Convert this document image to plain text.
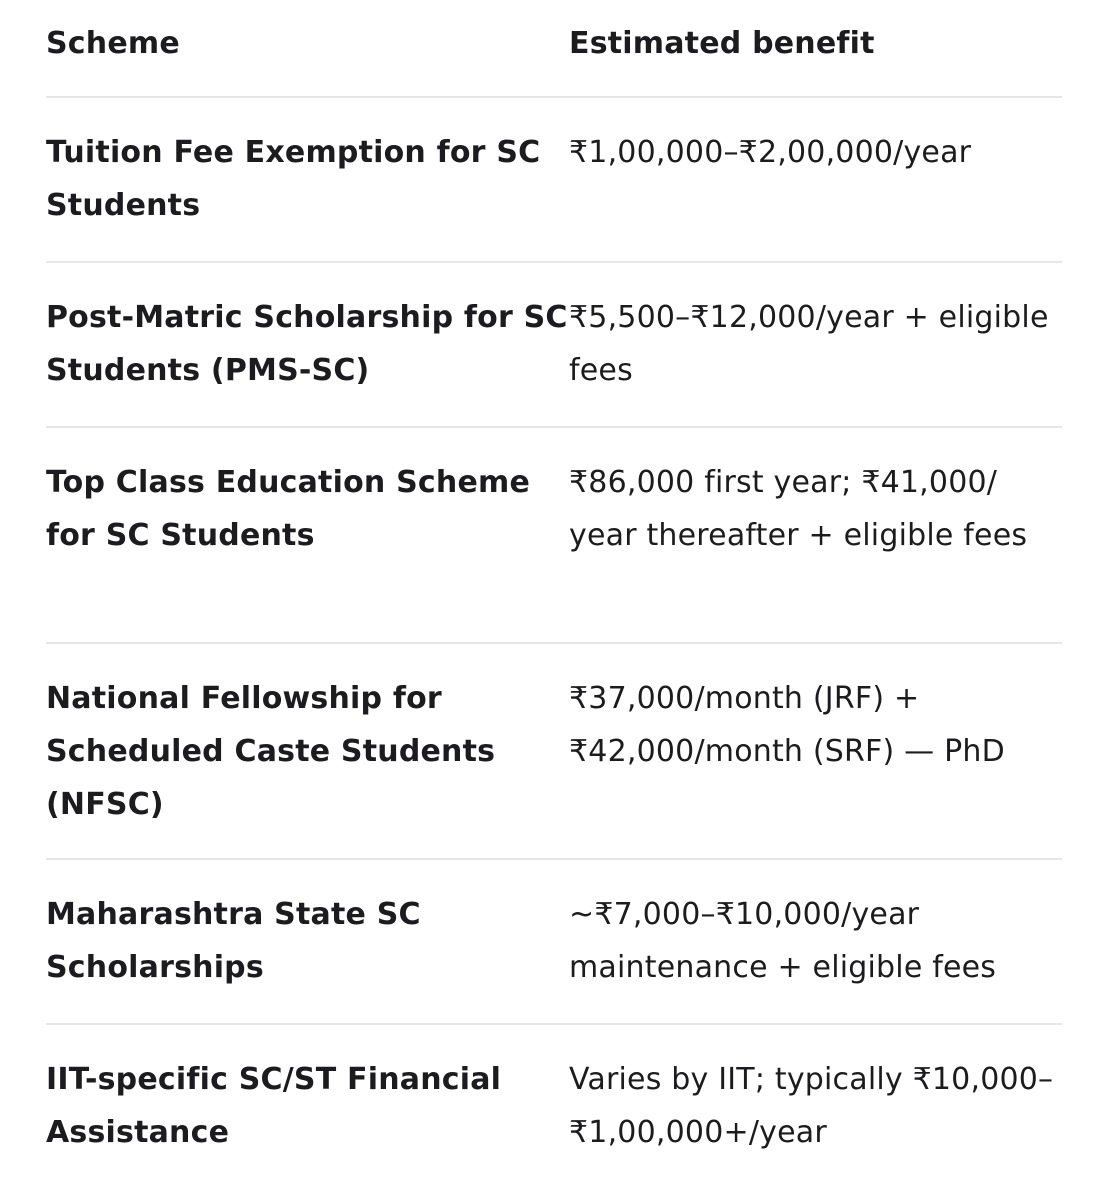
Scheme	Estimated benefit
Tuition Fee Exemption for SC Students
₹1,00,000–₹2,00,000/year
Post-Matric Scholarship for SC Students (PMS-SC)
₹5,500–₹12,000/year + eligible fees
Top Class Education Scheme for SC Students
₹86,000 first year; ₹41,000/ year thereafter + eligible fees
National Fellowship for Scheduled Caste Students (NFSC)
₹37,000/month (JRF) + ₹42,000/month (SRF) — PhD
Maharashtra State SC Scholarships
~₹7,000–₹10,000/year maintenance + eligible fees
IIT-specific SC/ST Financial Assistance
Varies by IIT; typically ₹10,000–₹1,00,000+/year
